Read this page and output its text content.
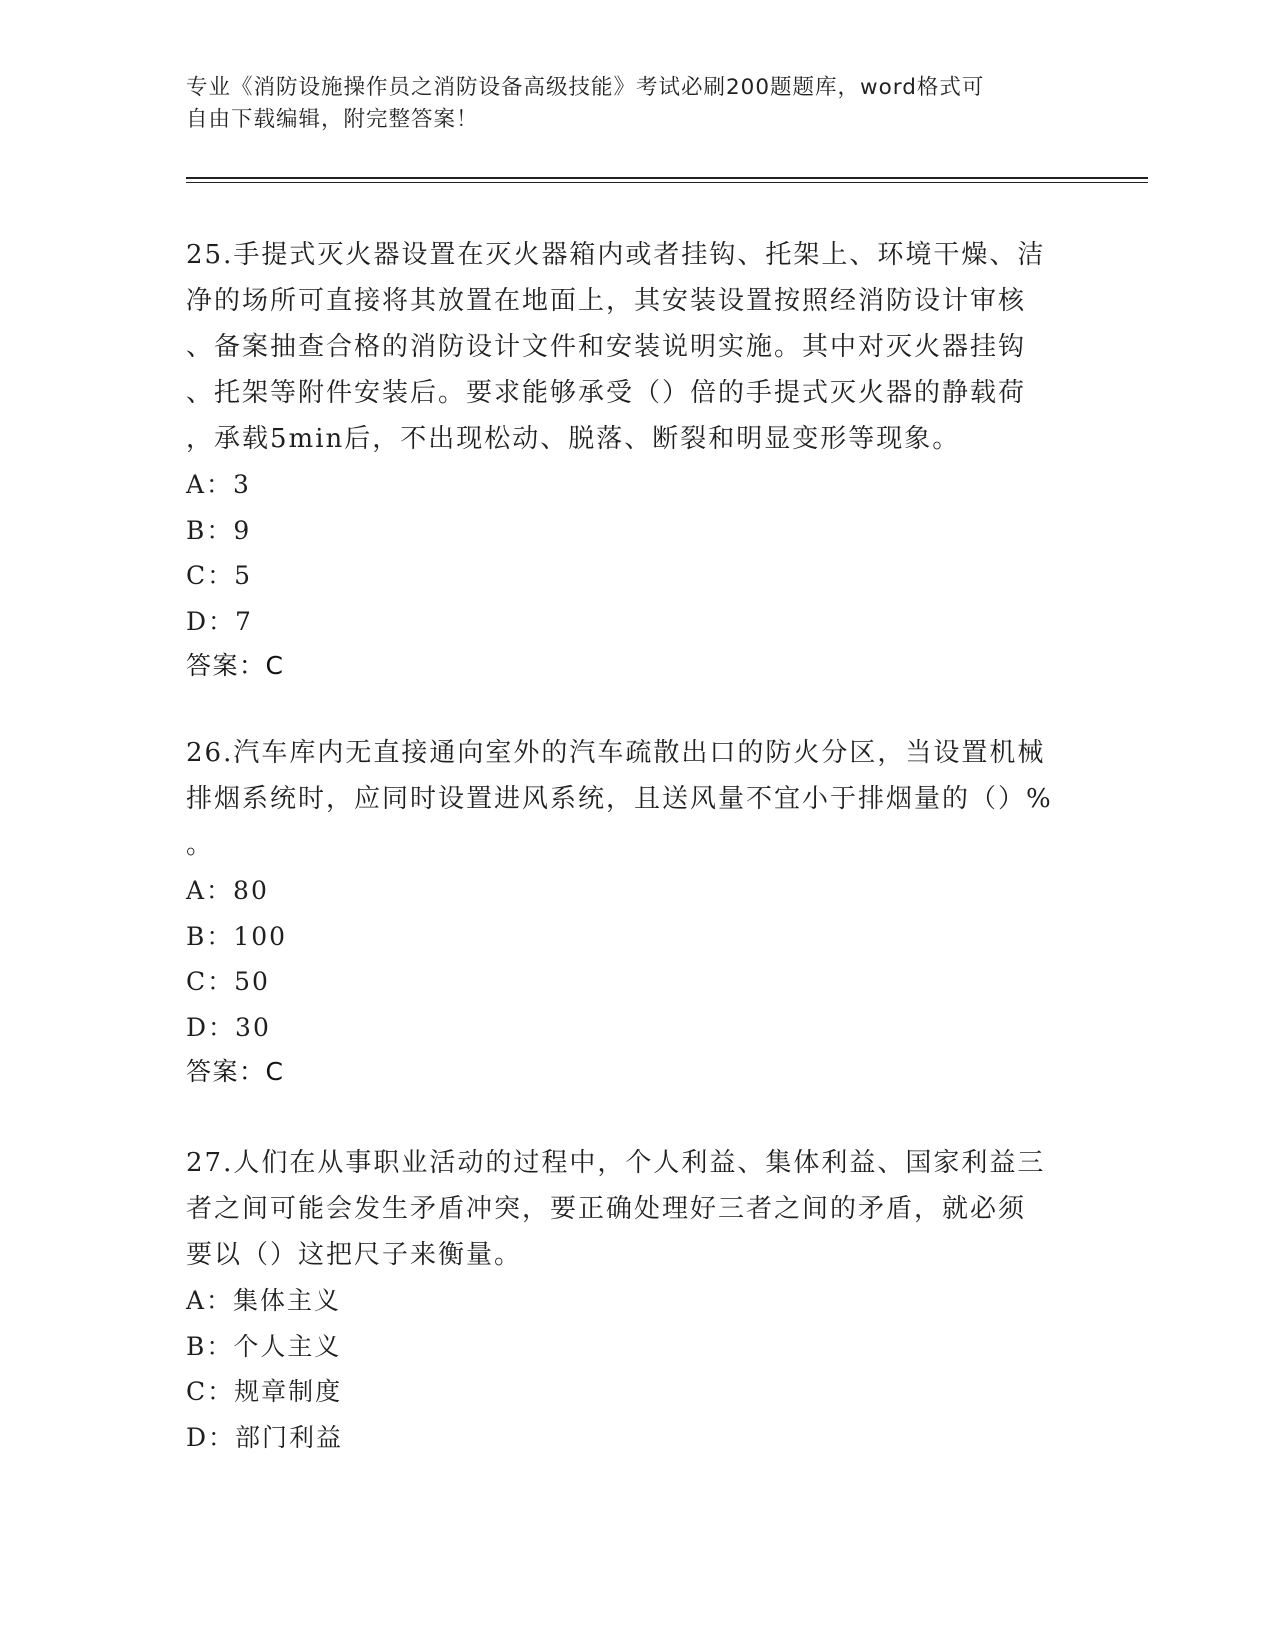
专业《消防设施操作员之消防设备高级技能》考试必刷200题题库，word格式可
自由下载编辑，附完整答案！
25.手提式灭火器设置在灭火器箱内或者挂钩、托架上、环境干燥、洁
净的场所可直接将其放置在地面上，其安装设置按照经消防设计审核
、备案抽查合格的消防设计文件和安装说明实施。其中对灭火器挂钩
、托架等附件安装后。要求能够承受（）倍的手提式灭火器的静载荷
，承载5min后，不出现松动、脱落、断裂和明显变形等现象。
A：3
B：9
C：5
D：7
答案：C
26.汽车库内无直接通向室外的汽车疏散出口的防火分区，当设置机械
排烟系统时，应同时设置进风系统，且送风量不宜小于排烟量的（）%
。
A：80
B：100
C：50
D：30
答案：C
27.人们在从事职业活动的过程中，个人利益、集体利益、国家利益三
者之间可能会发生矛盾冲突，要正确处理好三者之间的矛盾，就必须
要以（）这把尺子来衡量。
A：集体主义
B：个人主义
C：规章制度
D：部门利益
